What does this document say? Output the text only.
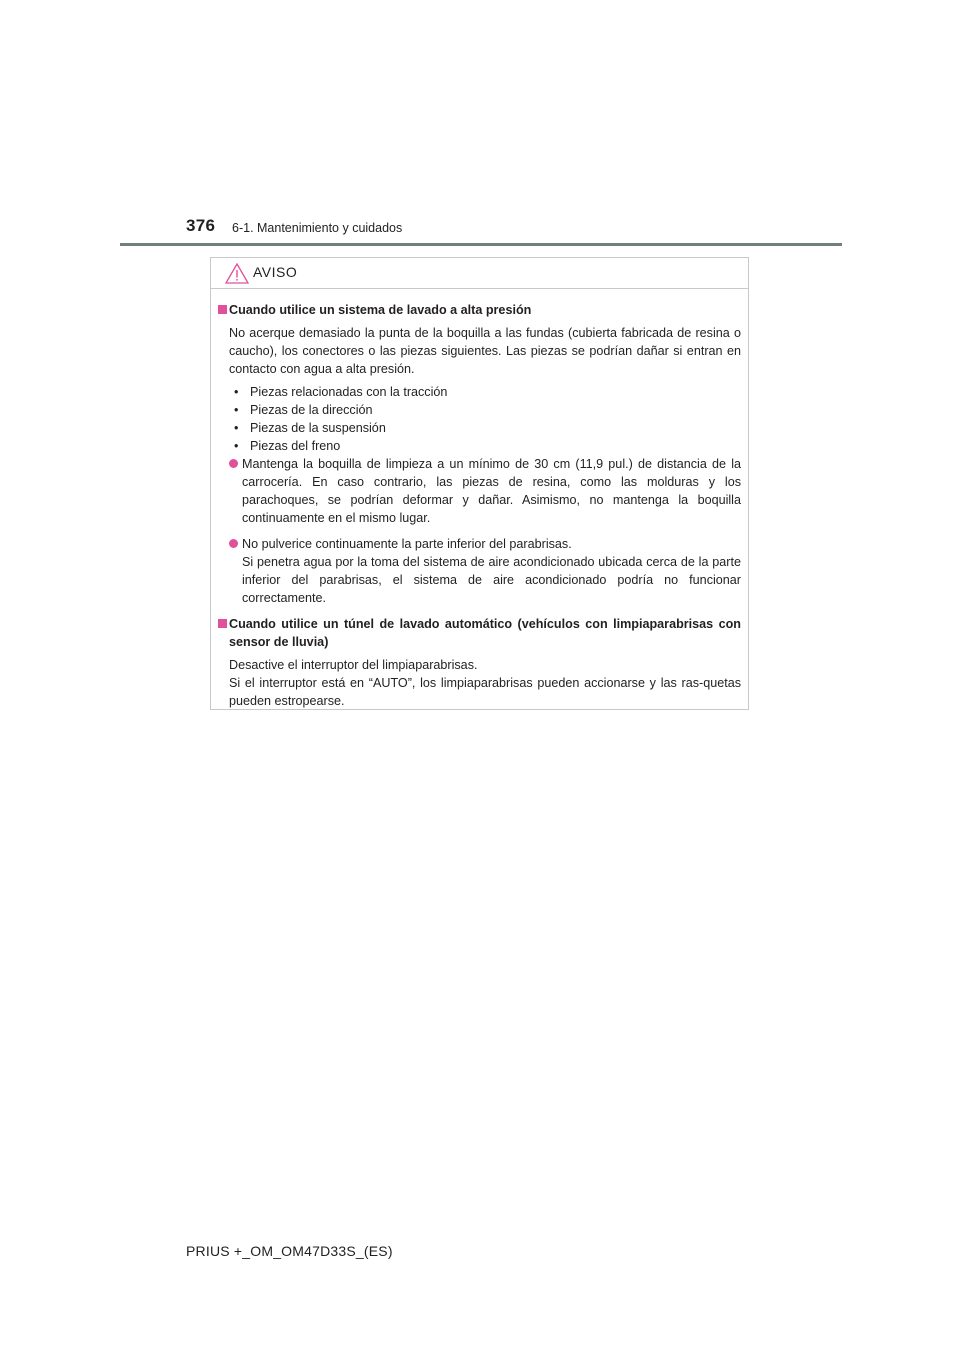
376 6-1. Mantenimiento y cuidados
AVISO
Cuando utilice un sistema de lavado a alta presión
No acerque demasiado la punta de la boquilla a las fundas (cubierta fabricada de resina o caucho), los conectores o las piezas siguientes. Las piezas se podrían dañar si entran en contacto con agua a alta presión.
• Piezas relacionadas con la tracción
• Piezas de la dirección
• Piezas de la suspensión
• Piezas del freno
Mantenga la boquilla de limpieza a un mínimo de 30 cm (11,9 pul.) de distancia de la carrocería. En caso contrario, las piezas de resina, como las molduras y los parachoques, se podrían deformar y dañar. Asimismo, no mantenga la boquilla continuamente en el mismo lugar.
No pulverice continuamente la parte inferior del parabrisas.
Si penetra agua por la toma del sistema de aire acondicionado ubicada cerca de la parte inferior del parabrisas, el sistema de aire acondicionado podría no funcionar correctamente.
Cuando utilice un túnel de lavado automático (vehículos con limpiaparabrisas con sensor de lluvia)
Desactive el interruptor del limpiaparabrisas.
Si el interruptor está en “AUTO”, los limpiaparabrisas pueden accionarse y las ras-quetas pueden estropearse.
PRIUS +_OM_OM47D33S_(ES)
